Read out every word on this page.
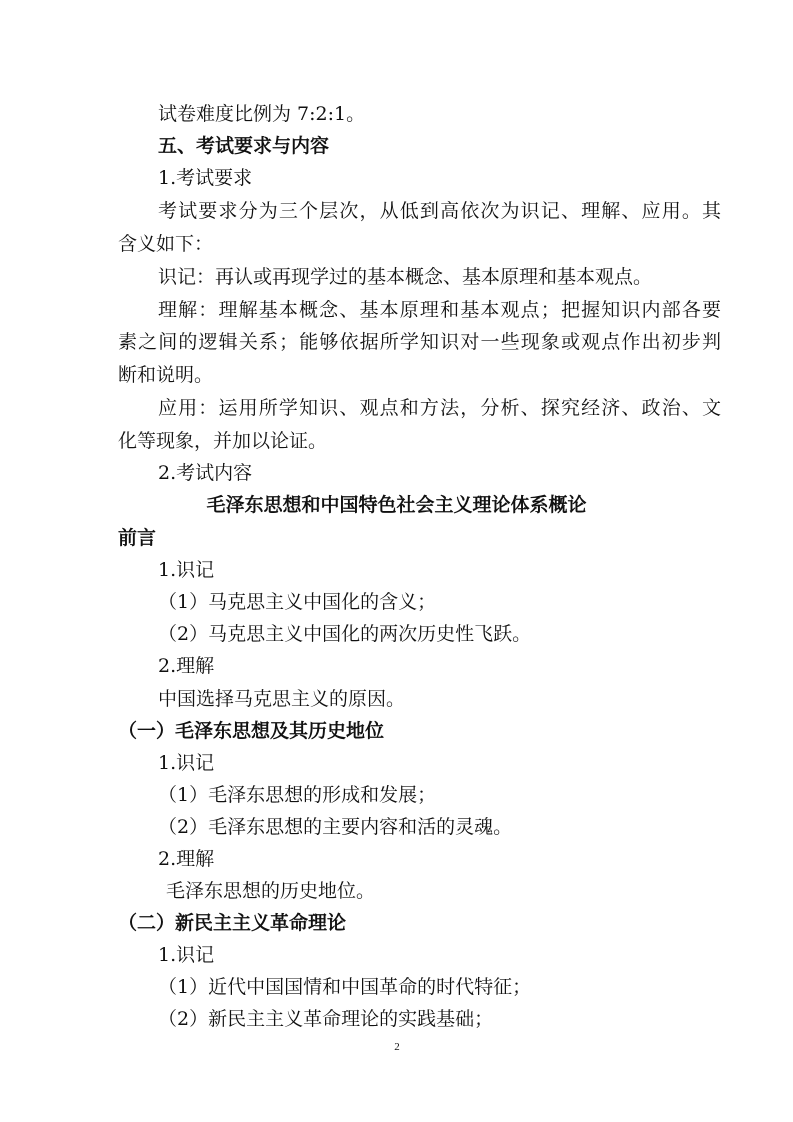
试卷难度比例为 7:2:1。
五、考试要求与内容
1.考试要求
考试要求分为三个层次，从低到高依次为识记、理解、应用。其
含义如下：
识记：再认或再现学过的基本概念、基本原理和基本观点。
理解：理解基本概念、基本原理和基本观点；把握知识内部各要
素之间的逻辑关系；能够依据所学知识对一些现象或观点作出初步判
断和说明。
应用：运用所学知识、观点和方法，分析、探究经济、政治、文
化等现象，并加以论证。
2.考试内容
毛泽东思想和中国特色社会主义理论体系概论
前言
1.识记
（1）马克思主义中国化的含义；
（2）马克思主义中国化的两次历史性飞跃。
2.理解
中国选择马克思主义的原因。
（一）毛泽东思想及其历史地位
1.识记
（1）毛泽东思想的形成和发展；
（2）毛泽东思想的主要内容和活的灵魂。
2.理解
毛泽东思想的历史地位。
（二）新民主主义革命理论
1.识记
（1）近代中国国情和中国革命的时代特征；
（2）新民主主义革命理论的实践基础；
2
